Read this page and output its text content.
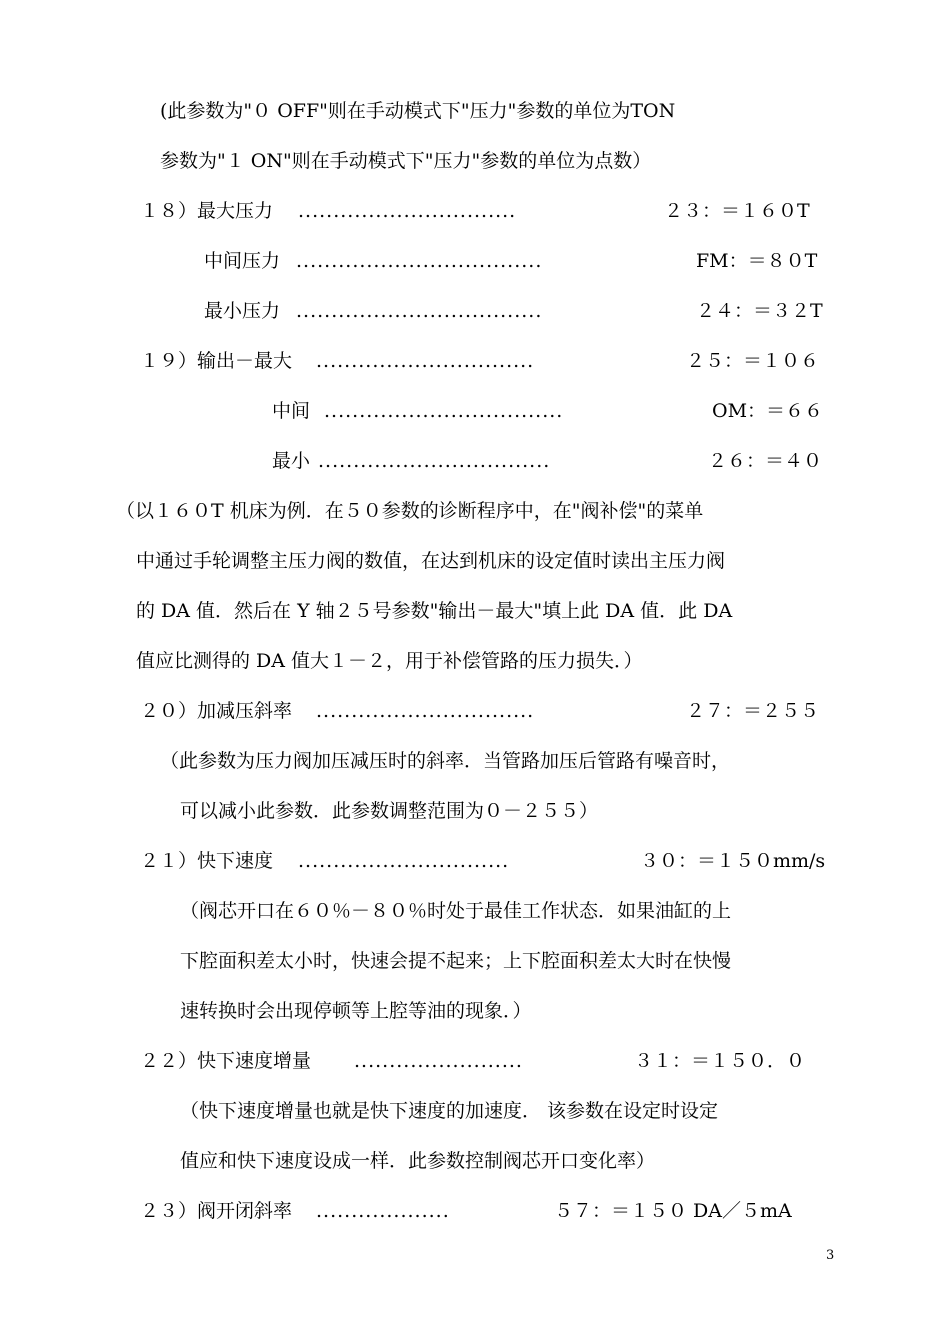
(此参数为"０ OFF"则在手动模式下"压力"参数的单位为TON
参数为"１ ON"则在手动模式下"压力"参数的单位为点数）
１８）最大压力 ...............................	２３：＝１６０T
中间压力 ...................................	FM：＝８０T
最小压力 ...................................	２４：＝３２T
１９）输出－最大 ...............................	２５：＝１０６
中间 ..................................	OM：＝６６
最小 .................................	２６：＝４０
（以１６０T 机床为例．在５０参数的诊断程序中，在"阀补偿"的菜单
中通过手轮调整主压力阀的数值，在达到机床的设定值时读出主压力阀
的 DA 值．然后在 Y 轴２５号参数"输出－最大"填上此 DA 值．此 DA
值应比测得的 DA 值大１－２，用于补偿管路的压力损失．）
２０）加减压斜率 ...............................	２７：＝２５５
（此参数为压力阀加压减压时的斜率．当管路加压后管路有噪音时，
可以减小此参数．此参数调整范围为０－２５５）
２１）快下速度 ..............................	３０：＝１５０mm/s
（阀芯开口在６０％－８０％时处于最佳工作状态．如果油缸的上
下腔面积差太小时，快速会提不起来；上下腔面积差太大时在快慢
速转换时会出现停顿等上腔等油的现象．）
２２）快下速度增量 ........................	３１：＝１５０．０
（快下速度增量也就是快下速度的加速度． 该参数在设定时设定
值应和快下速度设成一样．此参数控制阀芯开口变化率）
２３）阀开闭斜率 ...................	５７：＝１５０ DA／５mA
3
